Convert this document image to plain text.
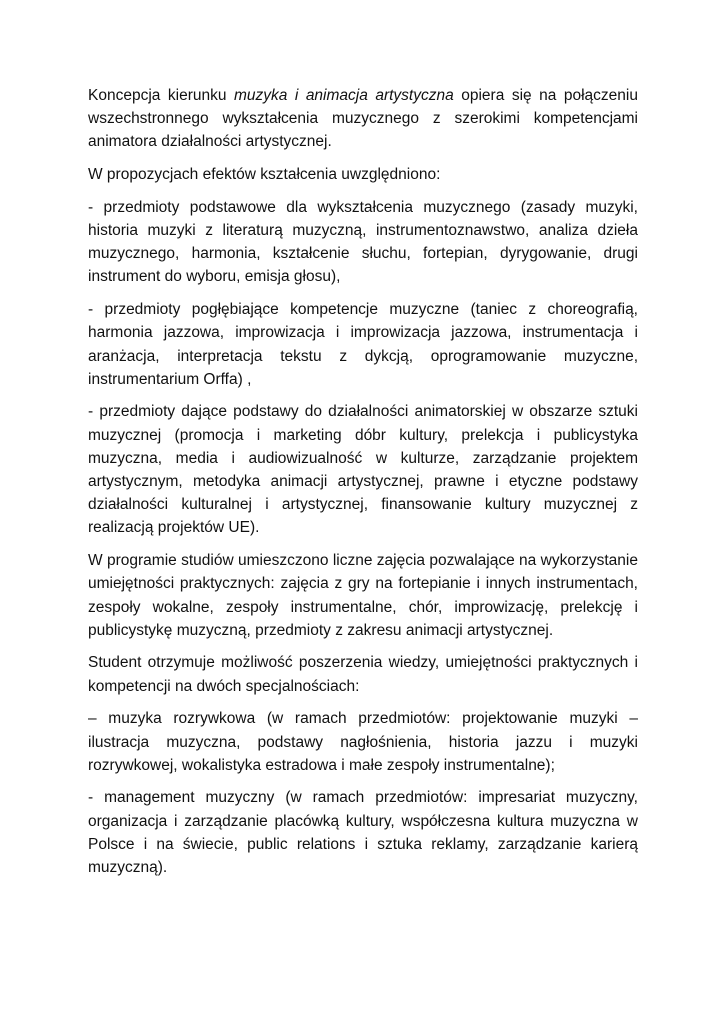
Koncepcja kierunku muzyka i animacja artystyczna opiera się na połączeniu wszechstronnego wykształcenia muzycznego z szerokimi kompetencjami animatora działalności artystycznej.

W propozycjach efektów kształcenia uwzględniono:

- przedmioty podstawowe dla wykształcenia muzycznego (zasady muzyki, historia muzyki z literaturą muzyczną, instrumentoznawstwo, analiza dzieła muzycznego, harmonia, kształcenie słuchu, fortepian, dyrygowanie, drugi instrument do wyboru, emisja głosu),

- przedmioty pogłębiające kompetencje muzyczne (taniec z choreografią, harmonia jazzowa, improwizacja i improwizacja jazzowa, instrumentacja i aranżacja, interpretacja tekstu z dykcją, oprogramowanie muzyczne, instrumentarium Orffa) ,

- przedmioty dające podstawy do działalności animatorskiej w obszarze sztuki muzycznej (promocja i marketing dóbr kultury, prelekcja i publicystyka muzyczna, media i audiowizualność w kulturze, zarządzanie projektem artystycznym, metodyka animacji artystycznej, prawne i etyczne podstawy działalności kulturalnej i artystycznej, finansowanie kultury muzycznej z realizacją projektów UE).

W programie studiów umieszczono liczne zajęcia pozwalające na wykorzystanie umiejętności praktycznych: zajęcia z gry na fortepianie i innych instrumentach, zespoły wokalne, zespoły instrumentalne, chór, improwizację, prelekcję i publicystykę muzyczną, przedmioty z zakresu animacji artystycznej.

Student otrzymuje możliwość poszerzenia wiedzy, umiejętności praktycznych i kompetencji na dwóch specjalnościach:

– muzyka rozrywkowa (w ramach przedmiotów: projektowanie muzyki – ilustracja muzyczna, podstawy nagłośnienia, historia jazzu i muzyki rozrywkowej, wokalistyka estradowa i małe zespoły instrumentalne);

- management muzyczny (w ramach przedmiotów: impresariat muzyczny, organizacja i zarządzanie placówką kultury, współczesna kultura muzyczna w Polsce i na świecie, public relations i sztuka reklamy, zarządzanie karierą muzyczną).
